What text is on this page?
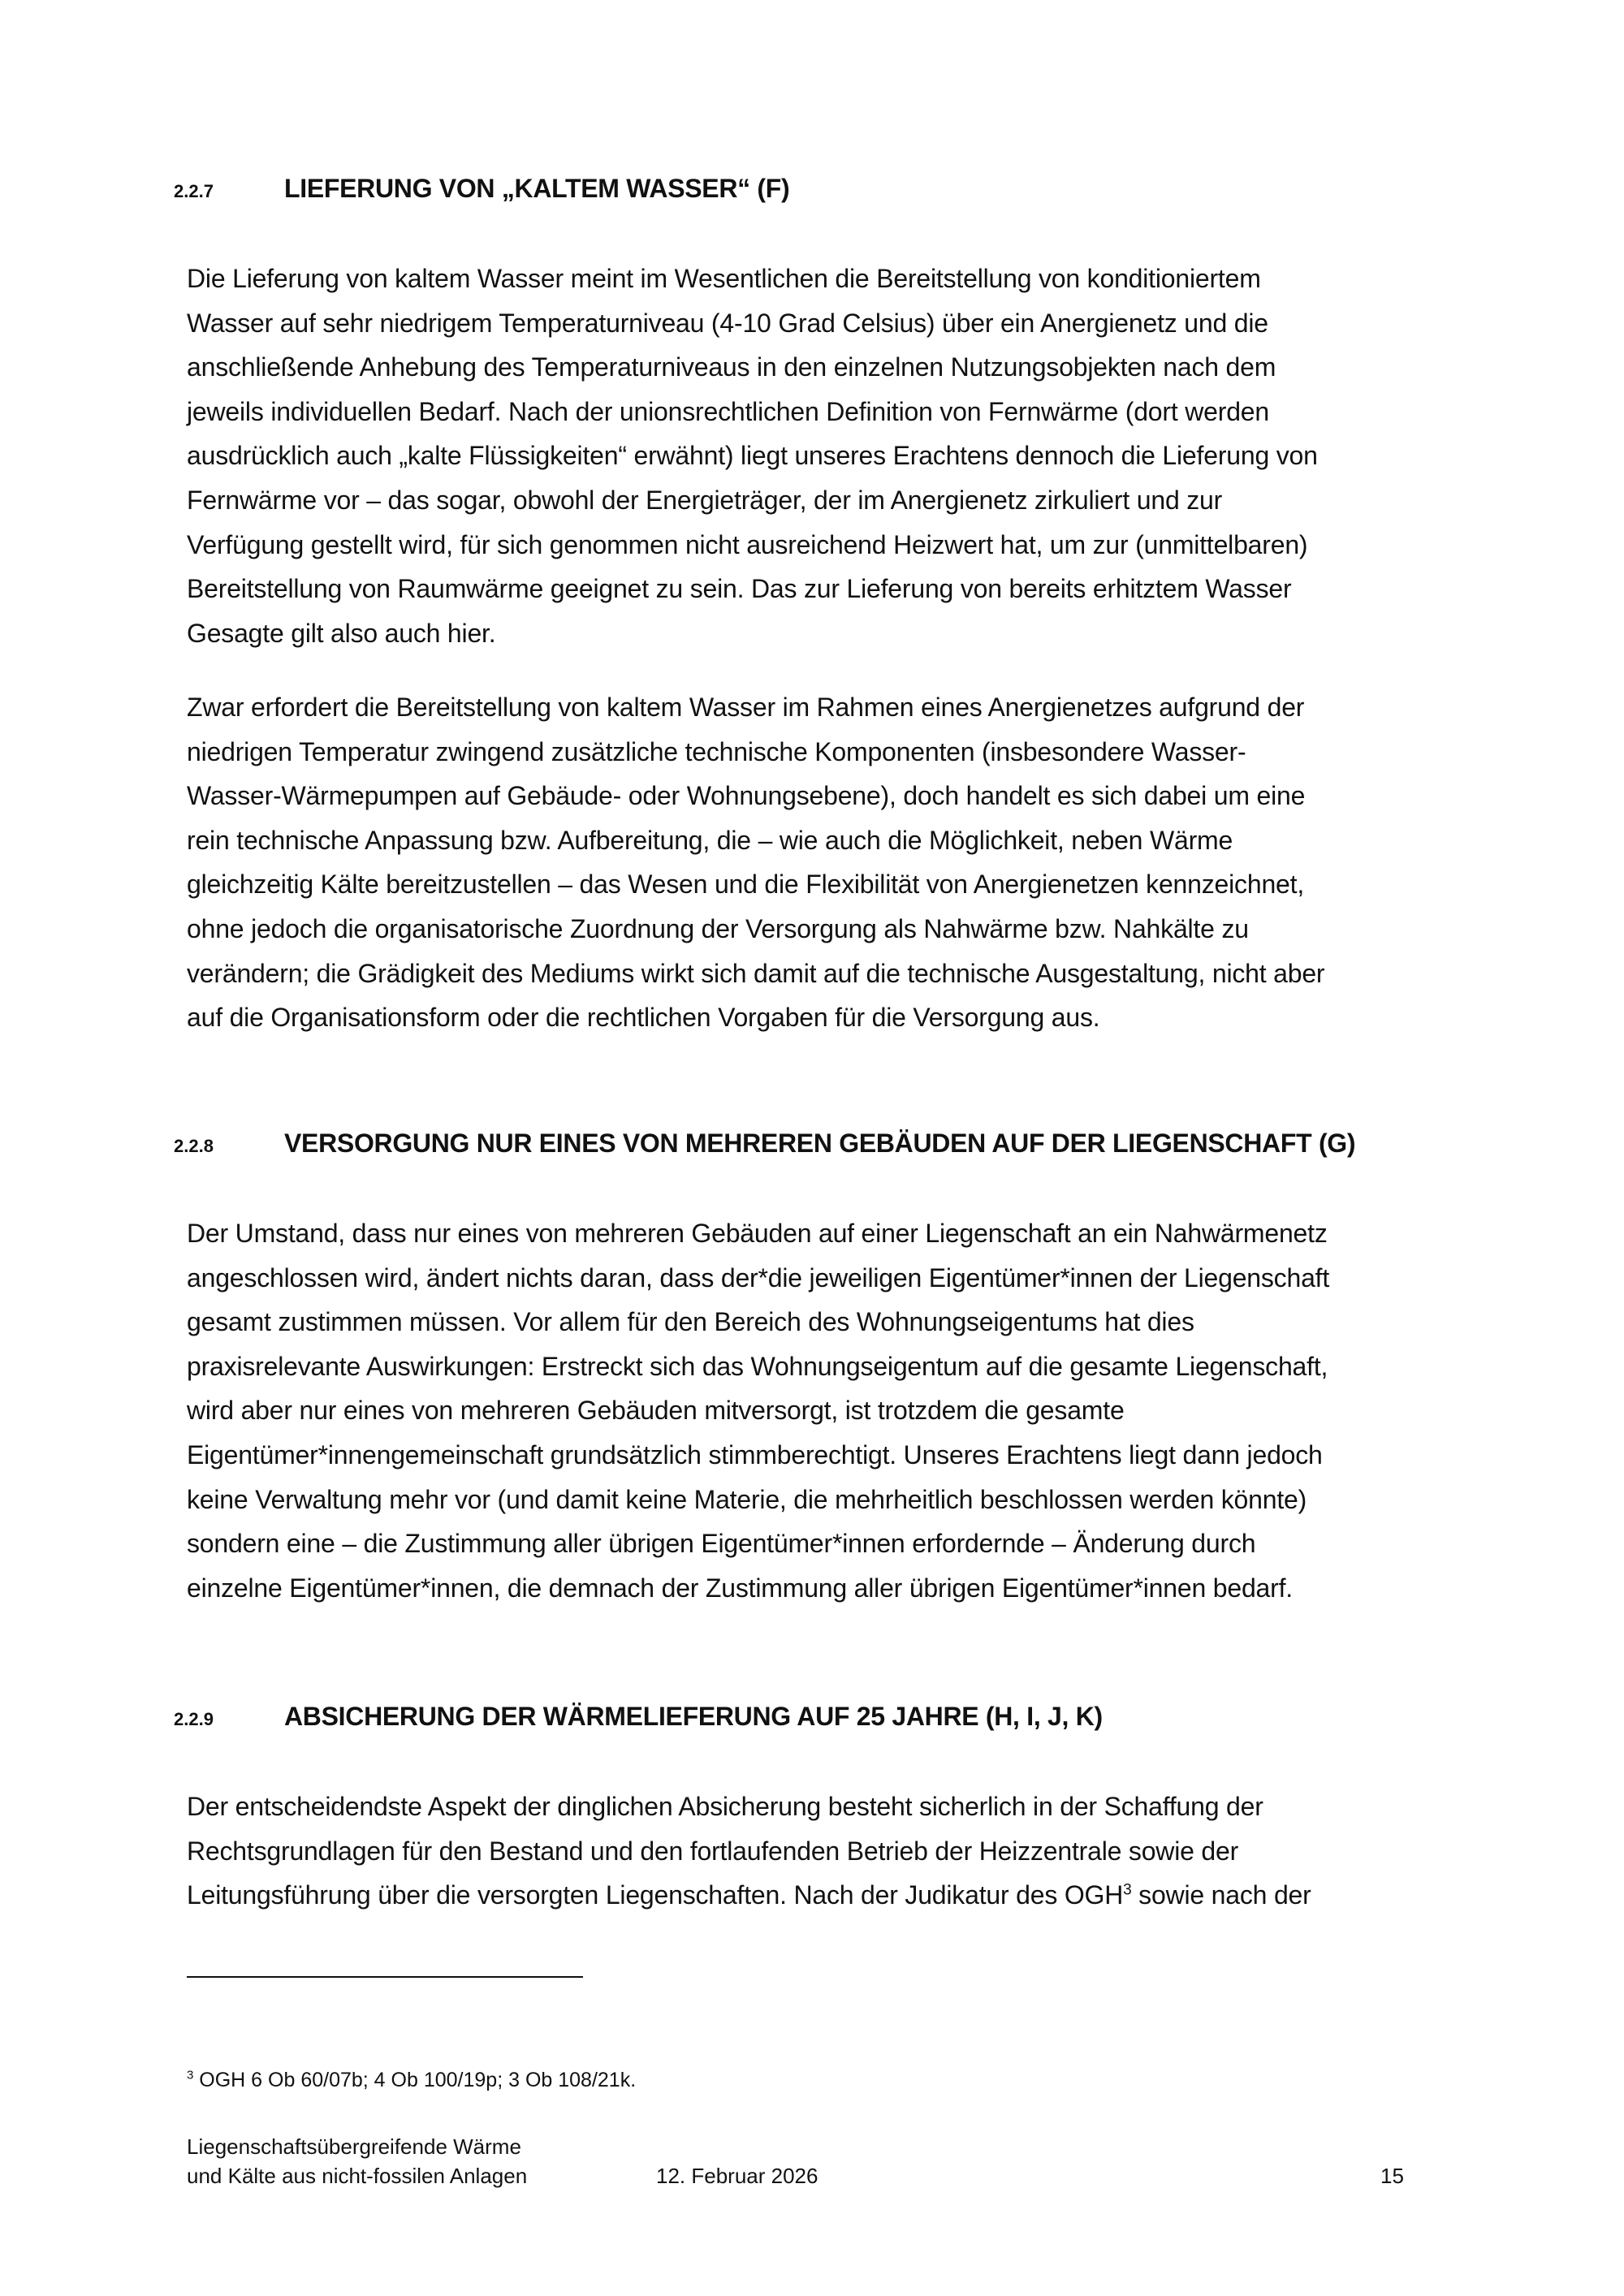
2.2.7	LIEFERUNG VON „KALTEM WASSER“ (F)

Die Lieferung von kaltem Wasser meint im Wesentlichen die Bereitstellung von konditioniertem
Wasser auf sehr niedrigem Temperaturniveau (4-10 Grad Celsius) über ein Anergienetz und die
anschließende Anhebung des Temperaturniveaus in den einzelnen Nutzungsobjekten nach dem
jeweils individuellen Bedarf. Nach der unionsrechtlichen Definition von Fernwärme (dort werden
ausdrücklich auch „kalte Flüssigkeiten“ erwähnt) liegt unseres Erachtens dennoch die Lieferung von
Fernwärme vor – das sogar, obwohl der Energieträger, der im Anergienetz zirkuliert und zur
Verfügung gestellt wird, für sich genommen nicht ausreichend Heizwert hat, um zur (unmittelbaren)
Bereitstellung von Raumwärme geeignet zu sein. Das zur Lieferung von bereits erhitztem Wasser
Gesagte gilt also auch hier.

Zwar erfordert die Bereitstellung von kaltem Wasser im Rahmen eines Anergienetzes aufgrund der
niedrigen Temperatur zwingend zusätzliche technische Komponenten (insbesondere Wasser-
Wasser-Wärmepumpen auf Gebäude- oder Wohnungsebene), doch handelt es sich dabei um eine
rein technische Anpassung bzw. Aufbereitung, die – wie auch die Möglichkeit, neben Wärme
gleichzeitig Kälte bereitzustellen – das Wesen und die Flexibilität von Anergienetzen kennzeichnet,
ohne jedoch die organisatorische Zuordnung der Versorgung als Nahwärme bzw. Nahkälte zu
verändern; die Grädigkeit des Mediums wirkt sich damit auf die technische Ausgestaltung, nicht aber
auf die Organisationsform oder die rechtlichen Vorgaben für die Versorgung aus.

2.2.8	VERSORGUNG NUR EINES VON MEHREREN GEBÄUDEN AUF DER LIEGENSCHAFT (G)

Der Umstand, dass nur eines von mehreren Gebäuden auf einer Liegenschaft an ein Nahwärmenetz
angeschlossen wird, ändert nichts daran, dass der*die jeweiligen Eigentümer*innen der Liegenschaft
gesamt zustimmen müssen. Vor allem für den Bereich des Wohnungseigentums hat dies
praxisrelevante Auswirkungen: Erstreckt sich das Wohnungseigentum auf die gesamte Liegenschaft,
wird aber nur eines von mehreren Gebäuden mitversorgt, ist trotzdem die gesamte
Eigentümer*innengemeinschaft grundsätzlich stimmberechtigt. Unseres Erachtens liegt dann jedoch
keine Verwaltung mehr vor (und damit keine Materie, die mehrheitlich beschlossen werden könnte)
sondern eine – die Zustimmung aller übrigen Eigentümer*innen erfordernde – Änderung durch
einzelne Eigentümer*innen, die demnach der Zustimmung aller übrigen Eigentümer*innen bedarf.

2.2.9	ABSICHERUNG DER WÄRMELIEFERUNG AUF 25 JAHRE (H, I, J, K)

Der entscheidendste Aspekt der dinglichen Absicherung besteht sicherlich in der Schaffung der
Rechtsgrundlagen für den Bestand und den fortlaufenden Betrieb der Heizzentrale sowie der
Leitungsführung über die versorgten Liegenschaften. Nach der Judikatur des OGH$^3$ sowie nach der

$^3$ OGH 6 Ob 60/07b; 4 Ob 100/19p; 3 Ob 108/21k.
Liegenschaftsübergreifende Wärme
und Kälte aus nicht-fossilen Anlagen	12. Februar 2026	15
